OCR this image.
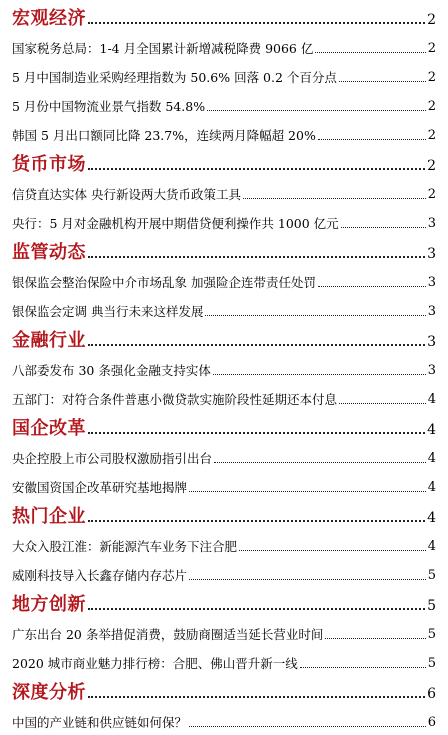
宏观经济	2
国家税务总局：1-4 月全国累计新增减税降费 9066 亿	2
5 月中国制造业采购经理指数为 50.6% 回落 0.2 个百分点	2
5 月份中国物流业景气指数 54.8%	2
韩国 5 月出口额同比降 23.7%，连续两月降幅超 20%	2
货币市场	2
信贷直达实体 央行新设两大货币政策工具	2
央行：5 月对金融机构开展中期借贷便利操作共 1000 亿元	3
监管动态	3
银保监会整治保险中介市场乱象 加强险企连带责任处罚	3
银保监会定调 典当行未来这样发展	3
金融行业	3
八部委发布 30 条强化金融支持实体	3
五部门：对符合条件普惠小微贷款实施阶段性延期还本付息	4
国企改革	4
央企控股上市公司股权激励指引出台	4
安徽国资国企改革研究基地揭牌	4
热门企业	4
大众入股江淮：新能源汽车业务下注合肥	4
威刚科技导入长鑫存储内存芯片	5
地方创新	5
广东出台 20 条举措促消费，鼓励商圈适当延长营业时间	5
2020 城市商业魅力排行榜：合肥、佛山晋升新一线	5
深度分析	6
中国的产业链和供应链如何保？	6
